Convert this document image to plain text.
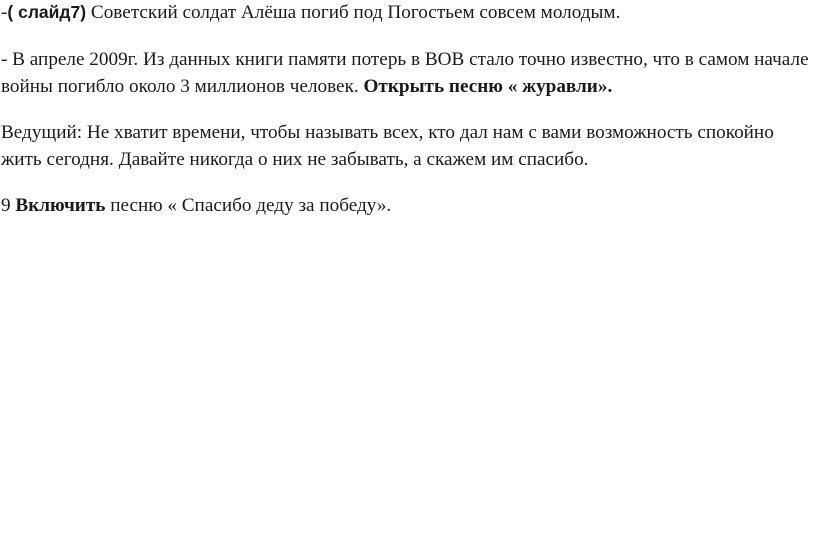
-( слайд7) Советский солдат Алёша погиб под Погостьем совсем молодым.

- В апреле 2009г. Из данных книги памяти потерь в ВОВ стало точно известно, что в самом начале войны погибло около 3 миллионов человек. Открыть песню « журавли».

Ведущий: Не хватит времени, чтобы называть всех, кто дал нам с вами возможность спокойно жить сегодня. Давайте никогда о них не забывать, а скажем им спасибо.

9 Включить песню « Спасибо деду за победу».
